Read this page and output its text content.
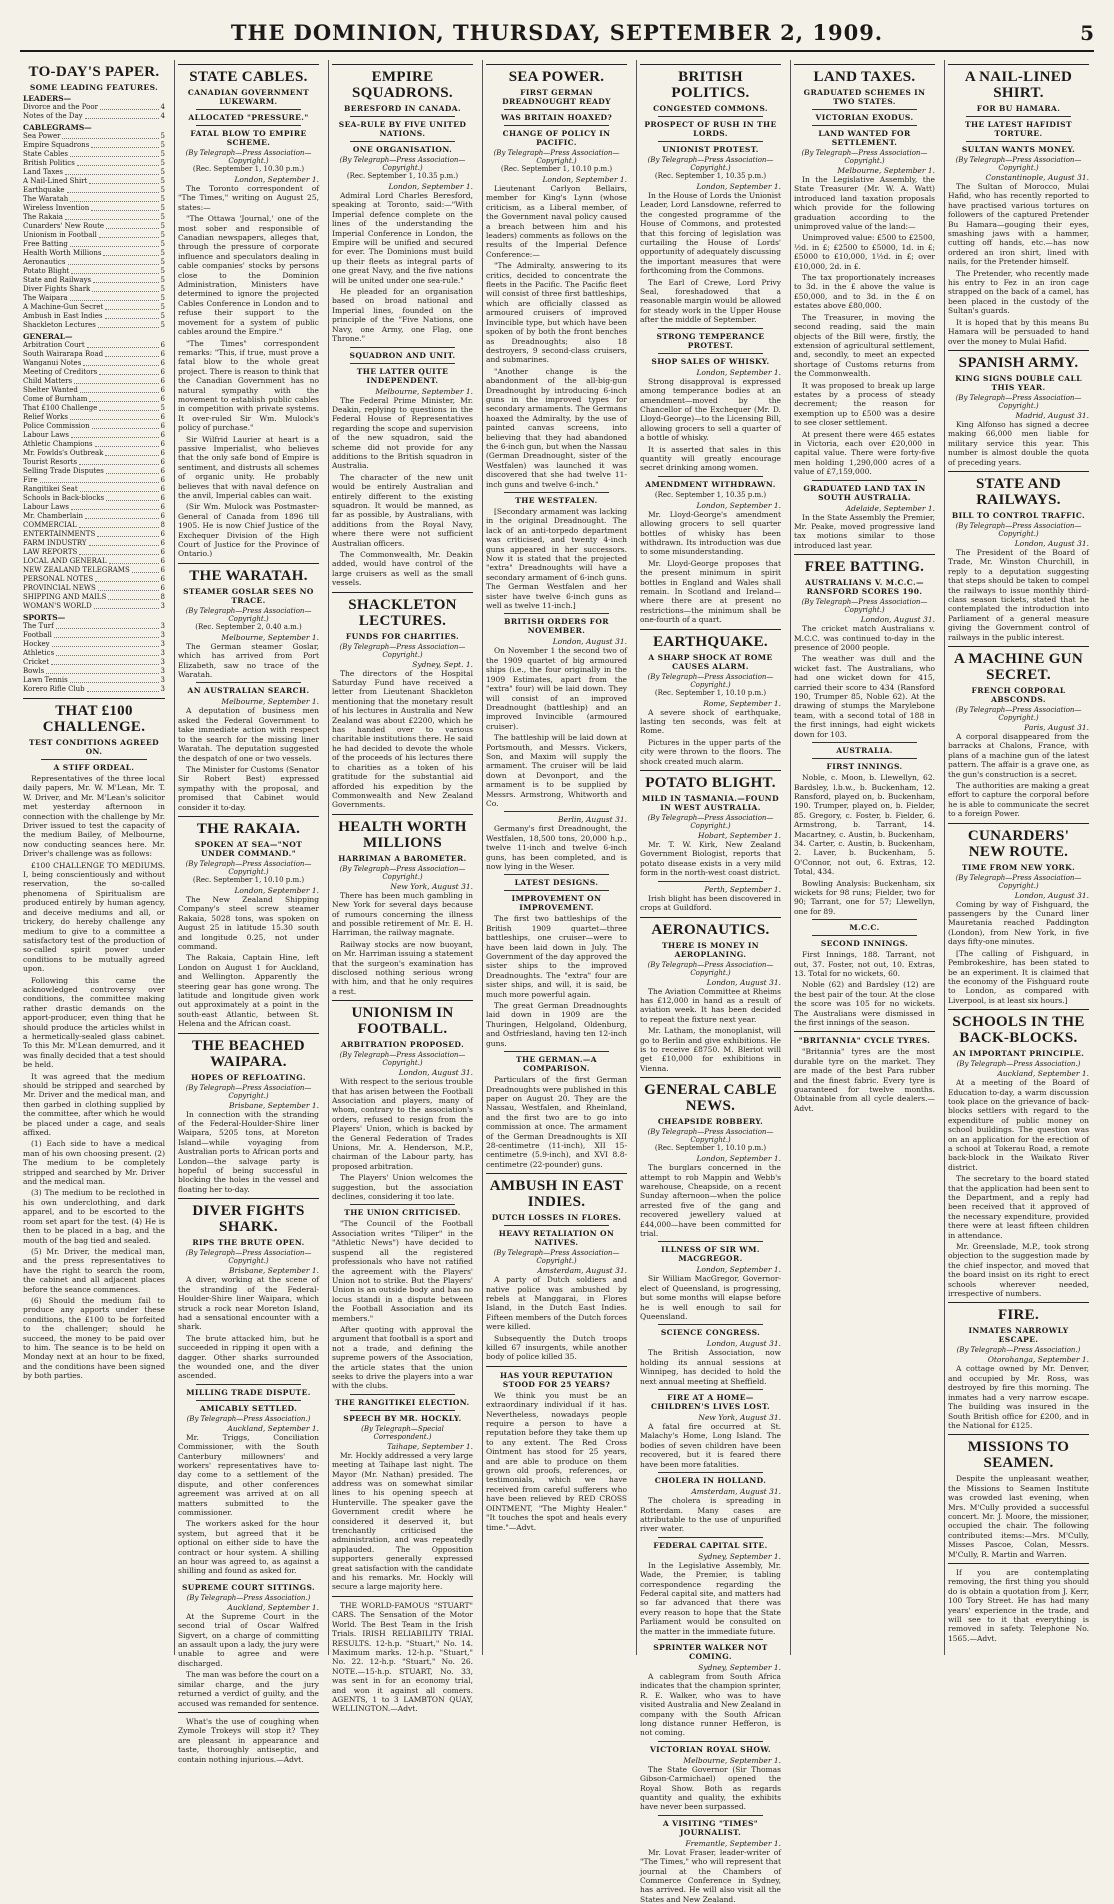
THE DOMINION, THURSDAY, SEPTEMBER 2, 1909.	5
TO-DAY'S PAPER.
SOME LEADING FEATURES.
LEADERS—
Divorce and the Poor	4
Notes of the Day	4
CABLEGRAMS—
Sea Power	5
Empire Squadrons	5
State Cables	5
British Politics	5
Land Taxes	5
A Nail-Lined Shirt	5
Earthquake	5
The Waratah	5
Wireless Invention	5
The Rakaia	5
Cunarders' New Route	5
Unionism in Football	5
Free Batting	5
Health Worth Millions	5
Aeronautics	5
Potato Blight	5
State and Railways	5
Diver Fights Shark	5
The Waipara	5
A Machine-Gun Secret	5
Ambush in East Indies	5
Shackleton Lectures	5
GENERAL—
Arbitration Court	6
South Wairarapa Road	6
Wanganui Notes	6
Meeting of Creditors	6
Child Matters	6
Shelter Wanted	6
Come of Burnham	6
That £100 Challenge	5
Relief Works	6
Police Commission	6
Labour Laws	6
Athletic Champions	6
Mr. Fowlds's Outbreak	6
Tourist Resorts	6
Selling Trade Disputes	6
Fire	6
Rangitikei Seat	6
Schools in Back-blocks	6
Labour Laws	6
Mr. Chamberlain	6
COMMERCIAL	8
ENTERTAINMENTS	6
FARM INDUSTRY	6
LAW REPORTS	6
LOCAL AND GENERAL	6
NEW ZEALAND TELEGRAMS	6
PERSONAL NOTES	6
PROVINCIAL NEWS	6
SHIPPING AND MAILS	8
WOMAN'S WORLD	3
SPORTS—
The Turf	3
Football	3
Hockey	3
Athletics	3
Cricket	3
Bowls	3
Lawn Tennis	3
Korero Rifle Club	3
THAT £100 CHALLENGE.
TEST CONDITIONS AGREED ON.
A STIFF ORDEAL.

Representatives of the three local daily papers, Mr. W. M'Lean, Mr. T. W. Driver, and Mr. M'Lean's solicitor met yesterday afternoon in connection with the challenge by Mr. Driver issued to test the capacity of the medium Bailey, of Melbourne, now conducting seances here. Mr. Driver's challenge was as follows:

£100 CHALLENGE TO MEDIUMS. I, being conscientiously and without reservation, the so-called phenomena of Spiritualism are produced entirely by human agency, and deceive mediums and all, or trickery, do hereby challenge any medium to give to a committee a satisfactory test of the production of so-called spirit power under conditions to be mutually agreed upon.

Following this came the acknowledged controversy over conditions, the committee making rather drastic demands on the apport-producer, even thing that he should produce the articles whilst in a hermetically-sealed glass cabinet. To this Mr. M'Lean demurred, and it was finally decided that a test should be held.

It was agreed that the medium should be stripped and searched by Mr. Driver and the medical man, and then garbed in clothing supplied by the committee, after which he would be placed under a cage, and seals affixed.

(1) Each side to have a medical man of his own choosing present. (2) The medium to be completely stripped and searched by Mr. Driver and the medical man.

(3) The medium to be reclothed in his own underclothing, and dark apparel, and to be escorted to the room set apart for the test. (4) He is then to be placed in a bag, and the mouth of the bag tied and sealed.

(5) Mr. Driver, the medical man, and the press representatives to have the right to search the room, the cabinet and all adjacent places before the seance commences.

(6) Should the medium fail to produce any apports under these conditions, the £100 to be forfeited to the challenger; should he succeed, the money to be paid over to him. The seance is to be held on Monday next at an hour to be fixed, and the conditions have been signed by both parties.

STATE CABLES.
CANADIAN GOVERNMENT LUKEWARM.
ALLOCATED "PRESSURE."
FATAL BLOW TO EMPIRE SCHEME.
(By Telegraph—Press Association—Copyright.)
(Rec. September 1, 10.30 p.m.)
London, September 1.

The Toronto correspondent of "The Times," writing on August 25, states:—

"The Ottawa 'Journal,' one of the most sober and responsible of Canadian newspapers, alleges that, through the pressure of corporate influence and speculators dealing in cable companies' stocks by persons close to the Dominion Administration, Ministers have determined to ignore the projected Cables Conference in London and to refuse their support to the movement for a system of public cables around the Empire."

"The Times" correspondent remarks: "This, if true, must prove a fatal blow to the whole great project. There is reason to think that the Canadian Government has no natural sympathy with the movement to establish public cables in competition with private systems. It over-ruled Sir Wm. Mulock's policy of purchase."

Sir Wilfrid Laurier at heart is a passive Imperialist, who believes that the only safe bond of Empire is sentiment, and distrusts all schemes of organic unity. He probably believes that with naval defence on the anvil, Imperial cables can wait.

(Sir Wm. Mulock was Postmaster-General of Canada from 1896 till 1905. He is now Chief Justice of the Exchequer Division of the High Court of Justice for the Province of Ontario.)

THE WARATAH.
STEAMER GOSLAR SEES NO TRACE.
(By Telegraph—Press Association—Copyright.)
(Rec. September 2, 0.40 a.m.)
Melbourne, September 1.

The German steamer Goslar, which has arrived from Port Elizabeth, saw no trace of the Waratah.

AN AUSTRALIAN SEARCH.
Melbourne, September 1.

A deputation of business men asked the Federal Government to take immediate action with respect to the search for the missing liner Waratah. The deputation suggested the despatch of one or two vessels.

The Minister for Customs (Senator Sir Robert Best) expressed sympathy with the proposal, and promised that Cabinet would consider it to-day.

THE RAKAIA.
SPOKEN AT SEA—"NOT UNDER COMMAND."
(By Telegraph—Press Association—Copyright.)
(Rec. September 1, 10.10 p.m.)
London, September 1.

The New Zealand Shipping Company's steel screw steamer Rakaia, 5028 tons, was spoken on August 25 in latitude 15.30 south and longitude 0.25, not under command.

The Rakaia, Captain Hine, left London on August 1 for Auckland, and Wellington. Apparently the steering gear has gone wrong. The latitude and longitude given work out approximately at a point in the south-east Atlantic, between St. Helena and the African coast.

THE BEACHED WAIPARA.
HOPES OF REFLOATING.
(By Telegraph—Press Association—Copyright.)
Brisbane, September 1.

In connection with the stranding of the Federal-Houlder-Shire liner Waipara, 5205 tons, at Moreton Island—while voyaging from Australian ports to African ports and London—the salvage party is hopeful of being successful in blocking the holes in the vessel and floating her to-day.

DIVER FIGHTS SHARK.
RIPS THE BRUTE OPEN.
(By Telegraph—Press Association—Copyright.)
Brisbane, September 1.

A diver, working at the scene of the stranding of the Federal-Houlder-Shire liner Waipara, which struck a rock near Moreton Island, had a sensational encounter with a shark.

The brute attacked him, but he succeeded in ripping it open with a dagger. Other sharks surrounded the wounded one, and the diver ascended.

MILLING TRADE DISPUTE.
AMICABLY SETTLED.
(By Telegraph—Press Association.)
Auckland, September 1.

Mr. Triggs, Conciliation Commissioner, with the South Canterbury millowners' and workers' representatives have to-day come to a settlement of the dispute, and other conferences agreement was arrived at on all matters submitted to the commissioner.

The workers asked for the hour system, but agreed that it be optional on either side to have the contract or hour system. A shilling an hour was agreed to, as against a shilling and found as asked for.

SUPREME COURT SITTINGS.
(By Telegraph—Press Association.)
Auckland, September 1.

At the Supreme Court in the second trial of Oscar Walfred Sigvert, on a charge of committing an assault upon a lady, the jury were unable to agree and were discharged.

The man was before the court on a similar charge, and the jury returned a verdict of guilty, and the accused was remanded for sentence.

What's the use of coughing when Zymole Trokeys will stop it? They are pleasant in appearance and taste, thoroughly antiseptic, and contain nothing injurious.—Advt.

EMPIRE SQUADRONS.
BERESFORD IN CANADA.
SEA-RULE BY FIVE UNITED NATIONS.
ONE ORGANISATION.
(By Telegraph—Press Association—Copyright.)
(Rec. September 1, 10.35 p.m.)
London, September 1.

Admiral Lord Charles Beresford, speaking at Toronto, said:—"With Imperial defence complete on the lines of the understanding the Imperial Conference in London, the Empire will be unified and secured for ever. The Dominions must build up their fleets as integral parts of one great Navy, and the five nations will be united under one sea-rule."

He pleaded for an organisation based on broad national and Imperial lines, founded on the principle of the "Five Nations, one Navy, one Army, one Flag, one Throne."

SQUADRON AND UNIT.
THE LATTER QUITE INDEPENDENT.
Melbourne, September 1.

The Federal Prime Minister, Mr. Deakin, replying to questions in the Federal House of Representatives regarding the scope and supervision of the new squadron, said the scheme did not provide for any additions to the British squadron in Australia.

The character of the new unit would be entirely Australian and entirely different to the existing squadron. It would be manned, as far as possible, by Australians, with additions from the Royal Navy, where there were not sufficient Australian officers.

The Commonwealth, Mr. Deakin added, would have control of the large cruisers as well as the small vessels.

SHACKLETON LECTURES.
FUNDS FOR CHARITIES.
(By Telegraph—Press Association—Copyright.)
Sydney, Sept. 1.

The directors of the Hospital Saturday Fund have received a letter from Lieutenant Shackleton mentioning that the monetary result of his lectures in Australia and New Zealand was about £2200, which he has handed over to various charitable institutions there. He said he had decided to devote the whole of the proceeds of his lectures there to charities as a token of his gratitude for the substantial aid afforded his expedition by the Commonwealth and New Zealand Governments.

HEALTH WORTH MILLIONS
HARRIMAN A BAROMETER.
(By Telegraph—Press Association—Copyright.)
New York, August 31.

There has been much gambling in New York for several days because of rumours concerning the illness and possible retirement of Mr. E. H. Harriman, the railway magnate.

Railway stocks are now buoyant, on Mr. Harriman issuing a statement that the surgeon's examination has disclosed nothing serious wrong with him, and that he only requires a rest.

UNIONISM IN FOOTBALL.
ARBITRATION PROPOSED.
(By Telegraph—Press Association—Copyright.)
London, August 31.

With respect to the serious trouble that has arisen between the Football Association and players, many of whom, contrary to the association's orders, refused to resign from the Players' Union, which is backed by the General Federation of Trades Unions, Mr. A. Henderson, M.P., chairman of the Labour party, has proposed arbitration.

The Players' Union welcomes the suggestion, but the association declines, considering it too late.

THE UNION CRITICISED.

"The Council of the Football Association writes "Tiliper" in the "Athletic News") have decided to suspend all the registered professionals who have not ratified the agreement with the Players' Union not to strike. But the Players' Union is an outside body and has no locus standi in a dispute between the Football Association and its members."

After quoting with approval the argument that football is a sport and not a trade, and defining the supreme powers of the Association, the article states that the union seeks to drive the players into a war with the clubs.

THE RANGITIKEI ELECTION.
SPEECH BY MR. HOCKLY.
(By Telegraph—Special Correspondent.)
Taihape, September 1.

Mr. Hockly addressed a very large meeting at Taihape last night. The Mayor (Mr. Nathan) presided. The address was on somewhat similar lines to his opening speech at Hunterville. The speaker gave the Government credit where he considered it deserved it, but trenchantly criticised the administration, and was repeatedly applauded. The Opposition supporters generally expressed great satisfaction with the candidate and his remarks. Mr. Hockly will secure a large majority here.

THE WORLD-FAMOUS "STUART" CARS. The Sensation of the Motor World. The Best Team in the Irish Trials. IRISH RELIABILITY TRIAL RESULTS. 12-h.p. "Stuart," No. 14. Maximum marks. 12-h.p. "Stuart," No. 22. 12-h.p. "Stuart," No. 26. NOTE.—15-h.p. STUART, No. 33, was sent in for an economy trial, and won it against all comers. AGENTS, 1 to 3 LAMBTON QUAY, WELLINGTON.—Advt.

SEA POWER.
FIRST GERMAN DREADNOUGHT READY
WAS BRITAIN HOAXED?
CHANGE OF POLICY IN PACIFIC.
(By Telegraph—Press Association—Copyright.)
(Rec. September 1, 10.10 p.m.)
London, September 1.

Lieutenant Carlyon Bellairs, member for King's Lynn (whose criticism, as a Liberal member, of the Government naval policy caused a breach between him and his leaders) comments as follows on the results of the Imperial Defence Conference:—

"The Admiralty, answering to its critics, decided to concentrate the fleets in the Pacific. The Pacific fleet will consist of three first battleships, which are officially classed as armoured cruisers of improved Invincible type, but which have been spoken of by both the front benches as Dreadnoughts; also 18 destroyers, 9 second-class cruisers, and submarines.

"Another change is the abandonment of the all-big-gun Dreadnought by introducing 6-inch guns in the improved types for secondary armaments. The Germans hoaxed the Admiralty, by the use of painted canvas screens, into believing that they had abandoned the 6-inch gun, but when the Nassau (German Dreadnought, sister of the Westfalen) was launched it was discovered that she had twelve 11-inch guns and twelve 6-inch."

THE WESTFALEN.

[Secondary armament was lacking in the original Dreadnought. The lack of an anti-torpedo department was criticised, and twenty 4-inch guns appeared in her successors. Now it is stated that the projected "extra" Dreadnoughts will have a secondary armament of 6-inch guns. The German Westfalen and her sister have twelve 6-inch guns as well as twelve 11-inch.]

BRITISH ORDERS FOR NOVEMBER.
London, August 31.

On November 1 the second two of the 1909 quartet of big armoured ships (i.e., the four originally in the 1909 Estimates, apart from the "extra" four) will be laid down. They will consist of an improved Dreadnought (battleship) and an improved Invincible (armoured cruiser).

The battleship will be laid down at Portsmouth, and Messrs. Vickers, Son, and Maxim will supply the armament. The cruiser will be laid down at Devonport, and the armament is to be supplied by Messrs. Armstrong, Whitworth and Co.

Berlin, August 31.

Germany's first Dreadnought, the Westfalen, 18,500 tons, 20,000 h.p., twelve 11-inch and twelve 6-inch guns, has been completed, and is now lying in the Weser.

LATEST DESIGNS.
IMPROVEMENT ON IMPROVEMENT.

The first two battleships of the British 1909 quartet—three battleships, one cruiser—were to have been laid down in July. The Government of the day approved the sister ships to the improved Dreadnoughts. The "extra" four are sister ships, and will, it is said, be much more powerful again.

The great German Dreadnoughts laid down in 1909 are the Thuringen, Helgoland, Oldenburg, and Ostfriesland, having ten 12-inch guns.

THE GERMAN.—A COMPARISON.

Particulars of the first German Dreadnoughts were published in this paper on August 20. They are the Nassau, Westfalen, and Rheinland, and the first two are to go into commission at once. The armament of the German Dreadnoughts is XII 28-centimetre (11-inch), XII 15-centimetre (5.9-inch), and XVI 8.8-centimetre (22-pounder) guns.

AMBUSH IN EAST INDIES.
DUTCH LOSSES IN FLORES.
HEAVY RETALIATION ON NATIVES.
(By Telegraph—Press Association—Copyright.)
Amsterdam, August 31.

A party of Dutch soldiers and native police was ambushed by rebels at Manggarai, in Flores Island, in the Dutch East Indies. Fifteen members of the Dutch forces were killed.

Subsequently the Dutch troops killed 67 insurgents, while another body of police killed 35.

HAS YOUR REPUTATION STOOD FOR 25 YEARS?

We think you must be an extraordinary individual if it has. Nevertheless, nowadays people require a person to have a reputation before they take them up to any extent. The Red Cross Ointment has stood for 25 years, and are able to produce on them grown old proofs, references, or testimonials, which we have received from careful sufferers who have been relieved by RED CROSS OINTMENT, "The Mighty Healer." "It touches the spot and heals every time."—Advt.

BRITISH POLITICS.
CONGESTED COMMONS.
PROSPECT OF RUSH IN THE LORDS.
UNIONIST PROTEST.
(By Telegraph—Press Association—Copyright.)
(Rec. September 1, 10.35 p.m.)
London, September 1.

In the House of Lords the Unionist Leader, Lord Lansdowne, referred to the congested programme of the House of Commons, and protested that this forcing of legislation was curtailing the House of Lords' opportunity of adequately discussing the important measures that were forthcoming from the Commons.

The Earl of Crewe, Lord Privy Seal, foreshadowed that a reasonable margin would be allowed for steady work in the Upper House after the middle of September.

STRONG TEMPERANCE PROTEST.
SHOP SALES OF WHISKY.
London, September 1.

Strong disapproval is expressed among temperance bodies at an amendment—moved by the Chancellor of the Exchequer (Mr. D. Lloyd-George)—to the Licensing Bill, allowing grocers to sell a quarter of a bottle of whisky.

It is asserted that sales in this quantity will greatly encourage secret drinking among women.

AMENDMENT WITHDRAWN.
(Rec. September 1, 10.35 p.m.)
London, September 1.

Mr. Lloyd-George's amendment allowing grocers to sell quarter bottles of whisky has been withdrawn. Its introduction was due to some misunderstanding.

Mr. Lloyd-George proposes that the present minimum in spirit bottles in England and Wales shall remain. In Scotland and Ireland—where there are at present no restrictions—the minimum shall be one-fourth of a quart.

EARTHQUAKE.
A SHARP SHOCK AT ROME CAUSES ALARM.
(By Telegraph—Press Association—Copyright.)
(Rec. September 1, 10.10 p.m.)
Rome, September 1.

A severe shock of earthquake, lasting ten seconds, was felt at Rome.

Pictures in the upper parts of the city were thrown to the floors. The shock created much alarm.

POTATO BLIGHT.
MILD IN TASMANIA.—FOUND IN WEST AUSTRALIA.
(By Telegraph—Press Association—Copyright.)
Hobart, September 1.

Mr. T. W. Kirk, New Zealand Government Biologist, reports that potato disease exists in a very mild form in the north-west coast district.

Perth, September 1.

Irish blight has been discovered in crops at Guildford.

AERONAUTICS.
THERE IS MONEY IN AEROPLANING.
(By Telegraph—Press Association—Copyright.)
London, August 31.

The Aviation Committee at Rheims has £12,000 in hand as a result of aviation week. It has been decided to repeat the fixture next year.

Mr. Latham, the monoplanist, will go to Berlin and give exhibitions. He is to receive £8750. M. Bleriot will get £10,000 for exhibitions in Vienna.

GENERAL CABLE NEWS.
CHEAPSIDE ROBBERY.
(By Telegraph—Press Association—Copyright.)
(Rec. September 1, 10.10 p.m.)
London, September 1.

The burglars concerned in the attempt to rob Mappin and Webb's warehouse, Cheapside, on a recent Sunday afternoon—when the police arrested five of the gang and recovered jewellery valued at £44,000—have been committed for trial.

ILLNESS OF SIR WM. MACGREGOR.
London, September 1.

Sir William MacGregor, Governor-elect of Queensland, is progressing, but some months will elapse before he is well enough to sail for Queensland.

SCIENCE CONGRESS.
London, August 31.

The British Association, now holding its annual sessions at Winnipeg, has decided to hold the next annual meeting at Sheffield.

FIRE AT A HOME—CHILDREN'S LIVES LOST.
New York, August 31.

A fatal fire occurred at St. Malachy's Home, Long Island. The bodies of seven children have been recovered, but it is feared there have been more fatalities.

CHOLERA IN HOLLAND.
Amsterdam, August 31.

The cholera is spreading in Rotterdam. Many cases are attributable to the use of unpurified river water.

FEDERAL CAPITAL SITE.
Sydney, September 1.

In the Legislative Assembly, Mr. Wade, the Premier, is tabling correspondence regarding the Federal capital site, and matters had so far advanced that there was every reason to hope that the State Parliament would be consulted on the matter in the immediate future.

SPRINTER WALKER NOT COMING.
Sydney, September 1.

A cablegram from South Africa indicates that the champion sprinter, R. E. Walker, who was to have visited Australia and New Zealand in company with the South African long distance runner Hefferon, is not coming.

VICTORIAN ROYAL SHOW.
Melbourne, September 1.

The State Governor (Sir Thomas Gibson-Carmichael) opened the Royal Show. Both as regards quantity and quality, the exhibits have never been surpassed.

A VISITING "TIMES" JOURNALIST.
Fremantle, September 1.

Mr. Lovat Fraser, leader-writer of "The Times," who will represent that journal at the Chambers of Commerce Conference in Sydney, has arrived. He will also visit all the States and New Zealand.

LAND TAXES.
GRADUATED SCHEMES IN TWO STATES.
VICTORIAN EXODUS.
LAND WANTED FOR SETTLEMENT.
(By Telegraph—Press Association—Copyright.)
Melbourne, September 1.

In the Legislative Assembly, the State Treasurer (Mr. W. A. Watt) introduced land taxation proposals which provide for the following graduation according to the unimproved value of the land:—

Unimproved value: £500 to £2500, ½d. in £; £2500 to £5000, 1d. in £; £5000 to £10,000, 1½d. in £; over £10,000, 2d. in £.

The tax proportionately increases to 3d. in the £ above the value is £50,000, and to 3d. in the £ on estates above £80,000.

The Treasurer, in moving the second reading, said the main objects of the Bill were, firstly, the extension of agricultural settlement, and, secondly, to meet an expected shortage of Customs returns from the Commonwealth.

It was proposed to break up large estates by a process of steady decrement; the reason for exemption up to £500 was a desire to see closer settlement.

At present there were 465 estates in Victoria, each over £20,000 in capital value. There were forty-five men holding 1,290,000 acres of a value of £7,159,000.

GRADUATED LAND TAX IN SOUTH AUSTRALIA.
Adelaide, September 1.

In the State Assembly the Premier, Mr. Peake, moved progressive land tax motions similar to those introduced last year.

FREE BATTING.
AUSTRALIANS V. M.C.C.—RANSFORD SCORES 190.
(By Telegraph—Press Association—Copyright.)
London, August 31.

The cricket match Australians v. M.C.C. was continued to-day in the presence of 2000 people.

The weather was dull and the wicket fast. The Australians, who had one wicket down for 415, carried their score to 434 (Ransford 190, Trumper 85, Noble 62). At the drawing of stumps the Marylebone team, with a second total of 188 in the first innings, had eight wickets down for 103.

AUSTRALIA.
FIRST INNINGS.

Noble, c. Moon, b. Llewellyn, 62. Bardsley, l.b.w., b. Buckenham, 12. Ransford, played on, b. Buckenham, 190. Trumper, played on, b. Fielder, 85. Gregory, c. Foster, b. Fielder, 6. Armstrong, b. Tarrant, 14. Macartney, c. Austin, b. Buckenham, 34. Carter, c. Austin, b. Buckenham, 2. Laver, b. Buckenham, 5. O'Connor, not out, 6. Extras, 12. Total, 434.

Bowling Analysis: Buckenham, six wickets for 98 runs; Fielder, two for 90; Tarrant, one for 57; Llewellyn, one for 89.

M.C.C.
SECOND INNINGS.

First Innings, 188. Tarrant, not out, 37. Foster, not out, 10. Extras, 13. Total for no wickets, 60.

Noble (62) and Bardsley (12) are the best pair of the tour. At the close the score was 105 for no wickets. The Australians were dismissed in the first innings of the season.

"BRITANNIA" CYCLE TYRES.

"Britannia" tyres are the most durable tyre on the market. They are made of the best Para rubber and the finest fabric. Every tyre is guaranteed for twelve months. Obtainable from all cycle dealers.—Advt.

A NAIL-LINED SHIRT.
FOR BU HAMARA.
THE LATEST HAFIDIST TORTURE.
SULTAN WANTS MONEY.
(By Telegraph—Press Association—Copyright.)
Constantinople, August 31.

The Sultan of Morocco, Mulai Hafid, who has recently reported to have practised various tortures on followers of the captured Pretender Bu Hamara—gouging their eyes, smashing jaws with a hammer, cutting off hands, etc.—has now ordered an iron shirt, lined with nails, for the Pretender himself.

The Pretender, who recently made his entry to Fez in an iron cage strapped on the back of a camel, has been placed in the custody of the Sultan's guards.

It is hoped that by this means Bu Hamara will be persuaded to hand over the money to Mulai Hafid.

SPANISH ARMY.
KING SIGNS DOUBLE CALL THIS YEAR.
(By Telegraph—Press Association—Copyright.)
Madrid, August 31.

King Alfonso has signed a decree making 66,000 men liable for military service this year. This number is almost double the quota of preceding years.

STATE AND RAILWAYS.
BILL TO CONTROL TRAFFIC.
(By Telegraph—Press Association—Copyright.)
London, August 31.

The President of the Board of Trade, Mr. Winston Churchill, in reply to a deputation suggesting that steps should be taken to compel the railways to issue monthly third-class season tickets, stated that he contemplated the introduction into Parliament of a general measure giving the Government control of railways in the public interest.

A MACHINE GUN SECRET.
FRENCH CORPORAL ABSCONDS.
(By Telegraph—Press Association—Copyright.)
Paris, August 31.

A corporal disappeared from the barracks at Chalons, France, with plans of a machine gun of the latest pattern. The affair is a grave one, as the gun's construction is a secret.

The authorities are making a great effort to capture the corporal before he is able to communicate the secret to a foreign Power.

CUNARDERS' NEW ROUTE.
TIME FROM NEW YORK.
(By Telegraph—Press Association—Copyright.)
London, August 31.

Coming by way of Fishguard, the passengers by the Cunard liner Mauretania reached Paddington (London), from New York, in five days fifty-one minutes.

[The calling of Fishguard, in Pembrokeshire, has been stated to be an experiment. It is claimed that the economy of the Fishguard route to London, as compared with Liverpool, is at least six hours.]

SCHOOLS IN THE BACK-BLOCKS.
AN IMPORTANT PRINCIPLE.
(By Telegraph—Press Association.)
Auckland, September 1.

At a meeting of the Board of Education to-day, a warm discussion took place on the grievance of back-blocks settlers with regard to the expenditure of public money on school buildings. The question was on an application for the erection of a school at Tokerau Road, a remote back-block in the Waikato River district.

The secretary to the board stated that the application had been sent to the Department, and a reply had been received that it approved of the necessary expenditure, provided there were at least fifteen children in attendance.

Mr. Greenslade, M.P., took strong objection to the suggestion made by the chief inspector, and moved that the board insist on its right to erect schools wherever needed, irrespective of numbers.

FIRE.
INMATES NARROWLY ESCAPE.
(By Telegraph—Press Association.)
Otorohanga, September 1.

A cottage owned by Mr. Denver, and occupied by Mr. Ross, was destroyed by fire this morning. The inmates had a very narrow escape. The building was insured in the South British office for £200, and in the National for £125.

MISSIONS TO SEAMEN.

Despite the unpleasant weather, the Missions to Seamen Institute was crowded last evening, when Mrs. M'Cully provided a successful concert. Mr. J. Moore, the missioner, occupied the chair. The following contributed items:—Mrs. M'Cully, Misses Pascoe, Colan, Messrs. M'Cully, R. Martin and Warren.

If you are contemplating removing, the first thing you should do is obtain a quotation from J. Kerr, 100 Tory Street. He has had many years' experience in the trade, and will see to it that everything is removed in safety. Telephone No. 1565.—Advt.
